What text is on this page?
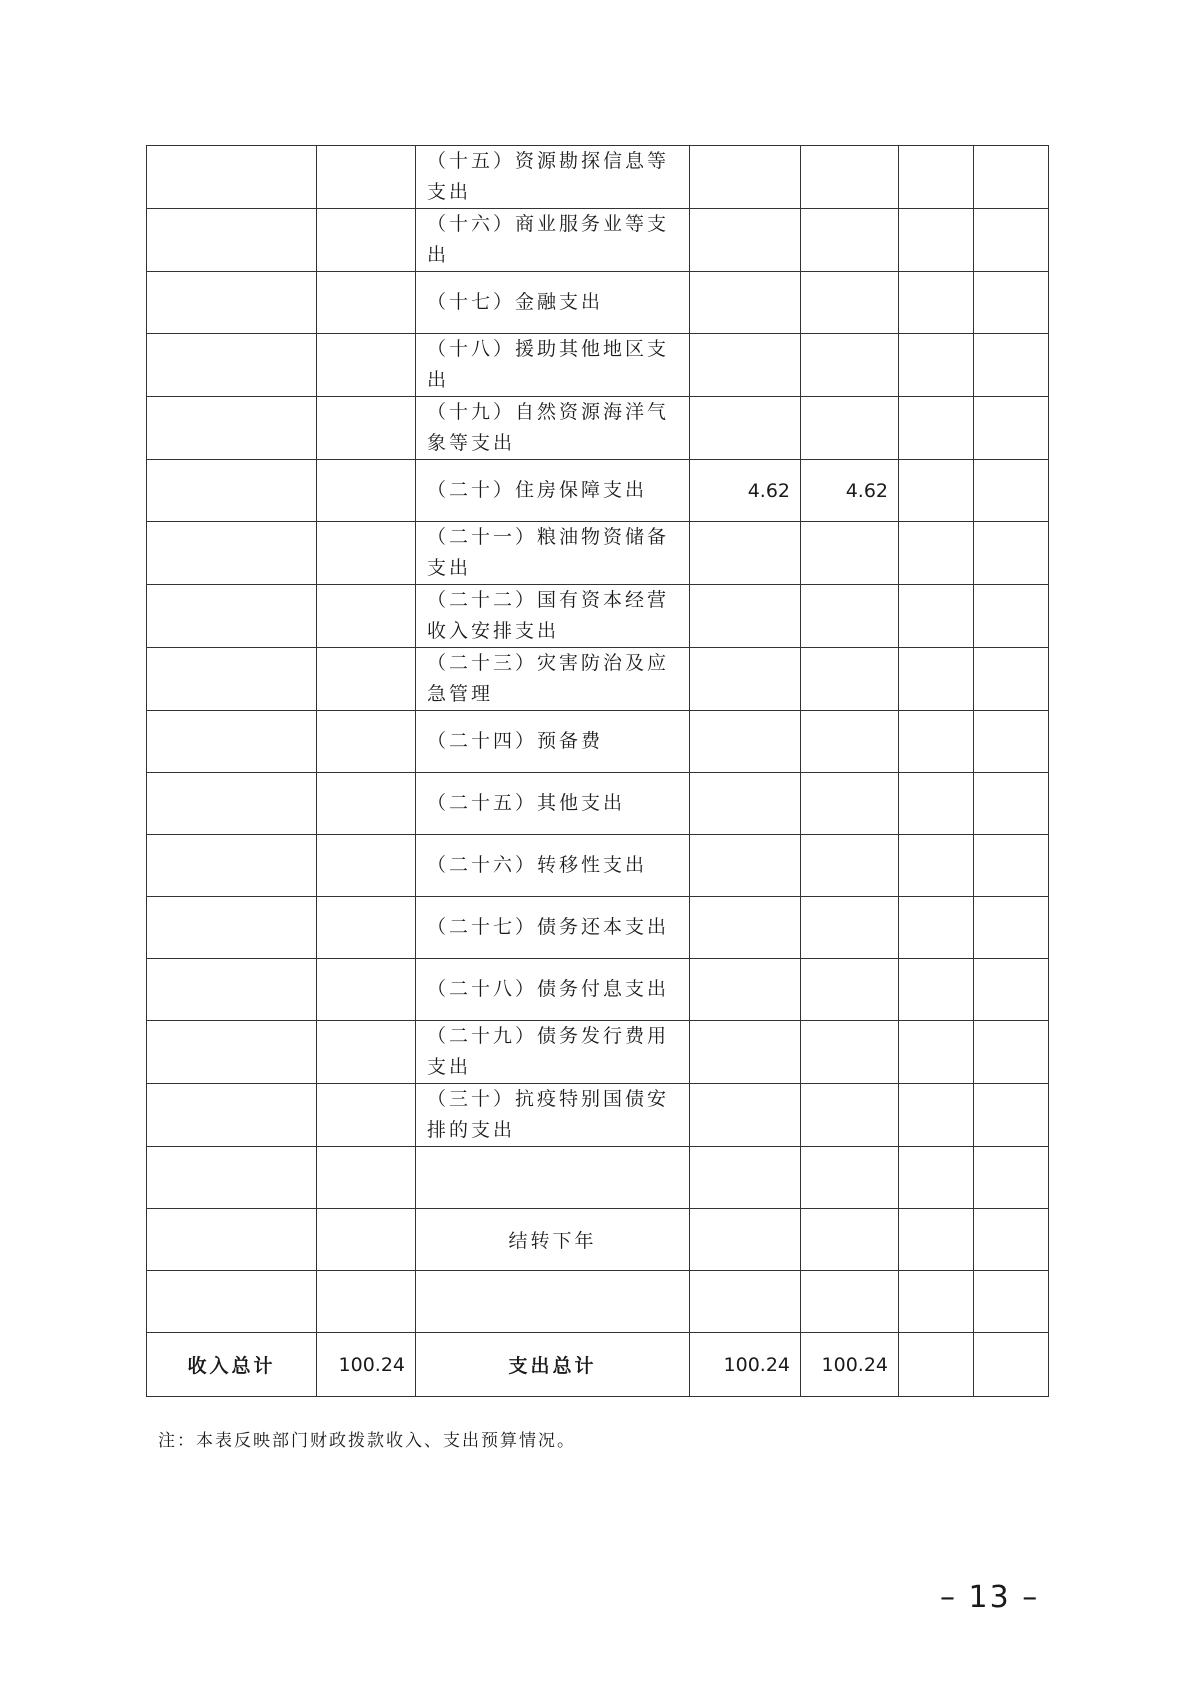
		（十五）资源勘探信息等支出				
		（十六）商业服务业等支出				
		（十七）金融支出				
		（十八）援助其他地区支出				
		（十九）自然资源海洋气象等支出				
		（二十）住房保障支出	4.62	4.62		
		（二十一）粮油物资储备支出				
		（二十二）国有资本经营收入安排支出				
		（二十三）灾害防治及应急管理				
		（二十四）预备费				
		（二十五）其他支出				
		（二十六）转移性支出				
		（二十七）债务还本支出				
		（二十八）债务付息支出				
		（二十九）债务发行费用支出				
		（三十）抗疫特别国债安排的支出				

		结转下年				

收入总计	100.24	支出总计	100.24	100.24		
注：本表反映部门财政拨款收入、支出预算情况。
– 13 –
